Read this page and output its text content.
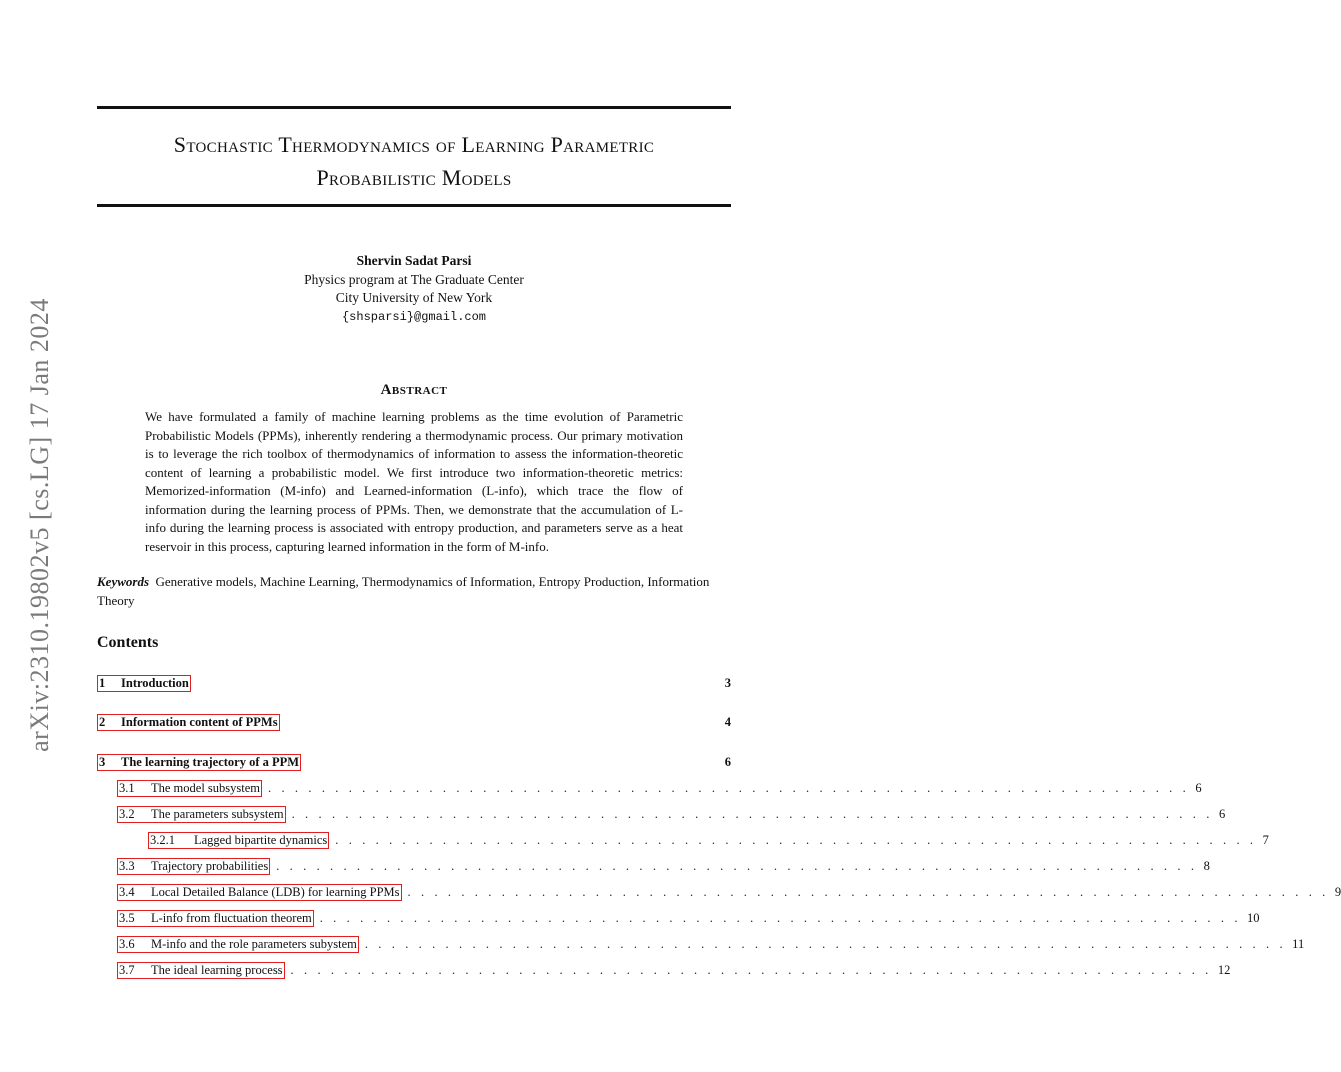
arXiv:2310.19802v5 [cs.LG] 17 Jan 2024
Stochastic Thermodynamics of Learning Parametric
Probabilistic Models
Shervin Sadat Parsi
Physics program at The Graduate Center
City University of New York
{shsparsi}@gmail.com
Abstract

We have formulated a family of machine learning problems as the time evolution of Parametric Probabilistic Models (PPMs), inherently rendering a thermodynamic process. Our primary motivation is to leverage the rich toolbox of thermodynamics of information to assess the information-theoretic content of learning a probabilistic model. We first introduce two information-theoretic metrics: Memorized-information (M-info) and Learned-information (L-info), which trace the flow of information during the learning process of PPMs. Then, we demonstrate that the accumulation of L-info during the learning process is associated with entropy production, and parameters serve as a heat reservoir in this process, capturing learned information in the form of M-info.

Keywords Generative models, Machine Learning, Thermodynamics of Information, Entropy Production, Information Theory
Contents
1	Introduction	3
2	Information content of PPMs	4
3	The learning trajectory of a PPM	6
3.1	The model subsystem . . . . . . . . . . . . . . . . . . . . . . . . . . . . . . . . . . . . . . . . . . . . . . . . . . . . . . . . . . . . . . . . . . . . . 6
3.2	The parameters subsystem . . . . . . . . . . . . . . . . . . . . . . . . . . . . . . . . . . . . . . . . . . . . . . . . . . . . . . . . . . . . . . . . . . . . . 6
3.2.1	Lagged bipartite dynamics . . . . . . . . . . . . . . . . . . . . . . . . . . . . . . . . . . . . . . . . . . . . . . . . . . . . . . . . . . . . . . . . . . . . . 7
3.3	Trajectory probabilities . . . . . . . . . . . . . . . . . . . . . . . . . . . . . . . . . . . . . . . . . . . . . . . . . . . . . . . . . . . . . . . . . . . . . 8
3.4	Local Detailed Balance (LDB) for learning PPMs . . . . . . . . . . . . . . . . . . . . . . . . . . . . . . . . . . . . . . . . . . . . . . . . . . . . . . . . . . . . . . . . . . . . . 9
3.5	L-info from fluctuation theorem . . . . . . . . . . . . . . . . . . . . . . . . . . . . . . . . . . . . . . . . . . . . . . . . . . . . . . . . . . . . . . . . . . . . . 10
3.6	M-info and the role parameters subystem . . . . . . . . . . . . . . . . . . . . . . . . . . . . . . . . . . . . . . . . . . . . . . . . . . . . . . . . . . . . . . . . . . . . . 11
3.7	The ideal learning process . . . . . . . . . . . . . . . . . . . . . . . . . . . . . . . . . . . . . . . . . . . . . . . . . . . . . . . . . . . . . . . . . . . . . 12
